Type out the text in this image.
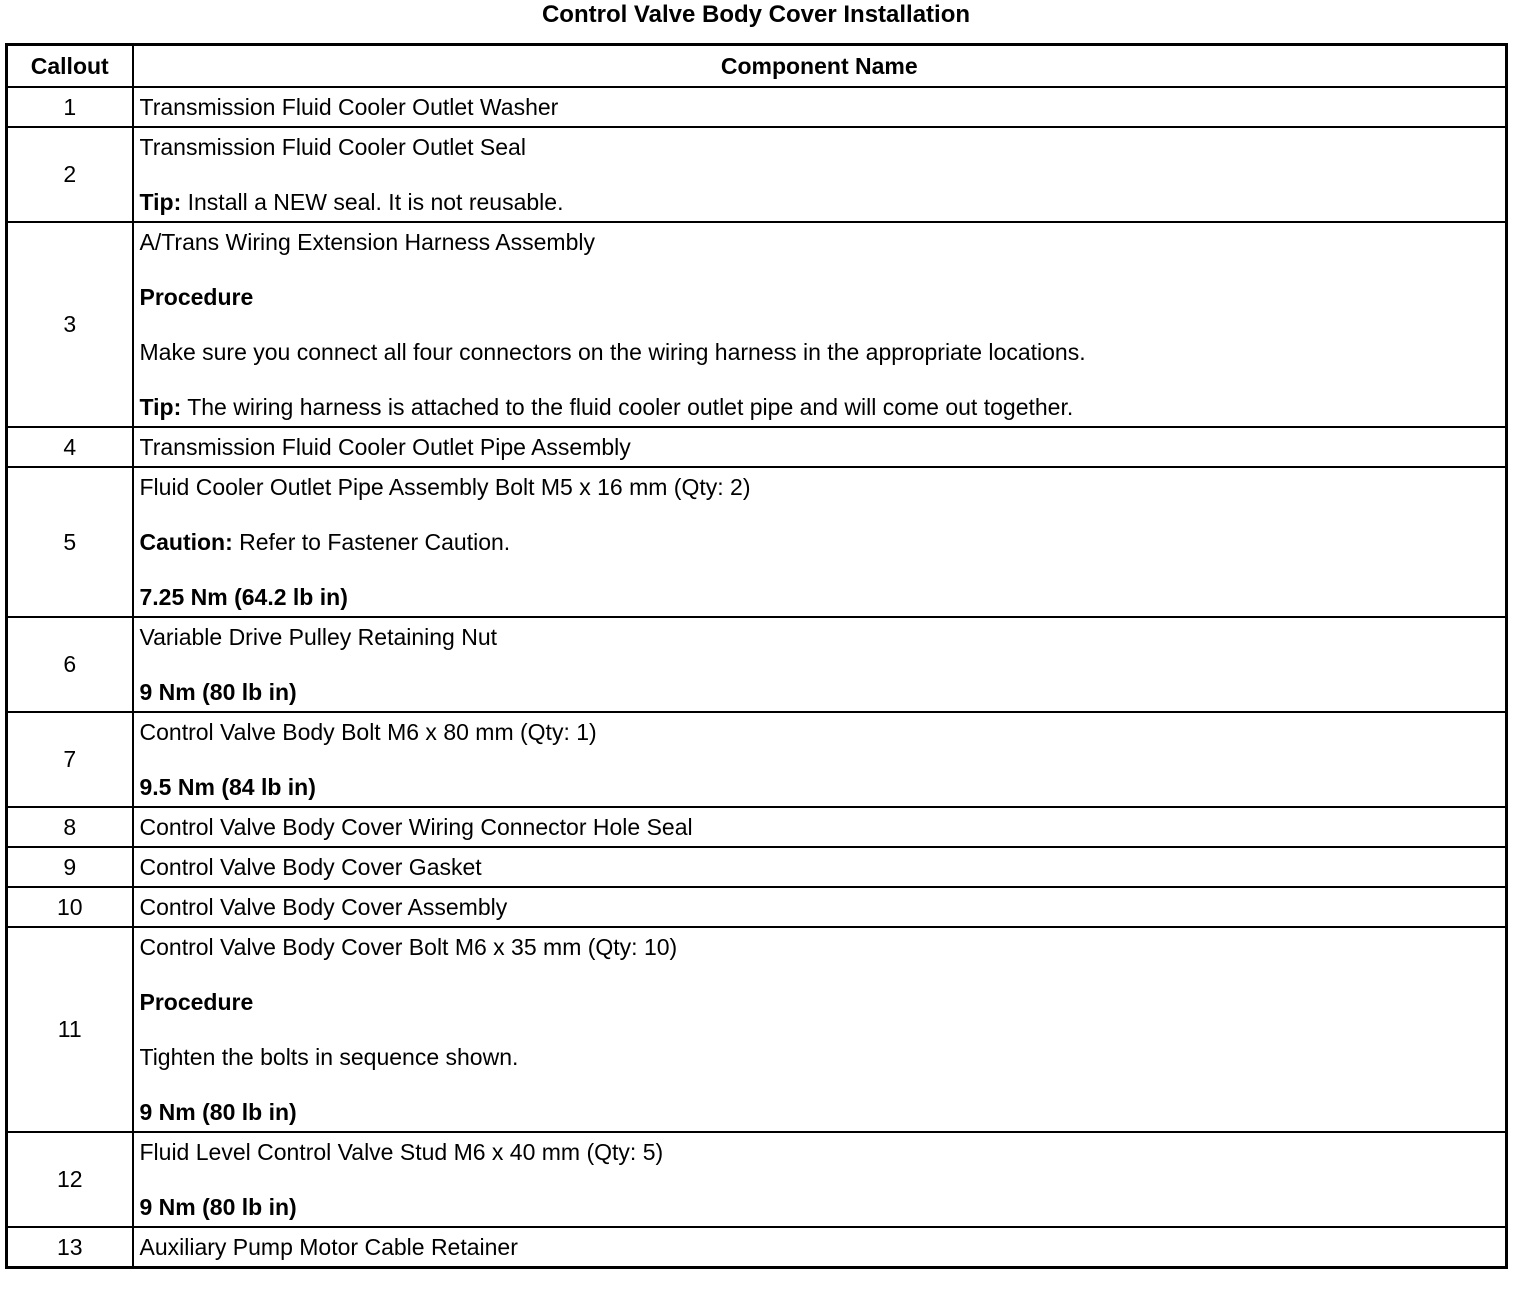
Control Valve Body Cover Installation
Callout	Component Name
1	Transmission Fluid Cooler Outlet Washer

2	Transmission Fluid Cooler Outlet Seal

Tip: Install a NEW seal. It is not reusable.

3	A/Trans Wiring Extension Harness Assembly

Procedure

Make sure you connect all four connectors on the wiring harness in the appropriate locations.

Tip: The wiring harness is attached to the fluid cooler outlet pipe and will come out together.

4	Transmission Fluid Cooler Outlet Pipe Assembly

5	Fluid Cooler Outlet Pipe Assembly Bolt M5 x 16 mm (Qty: 2)

Caution: Refer to Fastener Caution.

7.25 Nm (64.2 lb in)

6	Variable Drive Pulley Retaining Nut

9 Nm (80 lb in)

7	Control Valve Body Bolt M6 x 80 mm (Qty: 1)

9.5 Nm (84 lb in)

8	Control Valve Body Cover Wiring Connector Hole Seal

9	Control Valve Body Cover Gasket

10	Control Valve Body Cover Assembly

11	Control Valve Body Cover Bolt M6 x 35 mm (Qty: 10)

Procedure

Tighten the bolts in sequence shown.

9 Nm (80 lb in)

12	Fluid Level Control Valve Stud M6 x 40 mm (Qty: 5)

9 Nm (80 lb in)

13	Auxiliary Pump Motor Cable Retainer
